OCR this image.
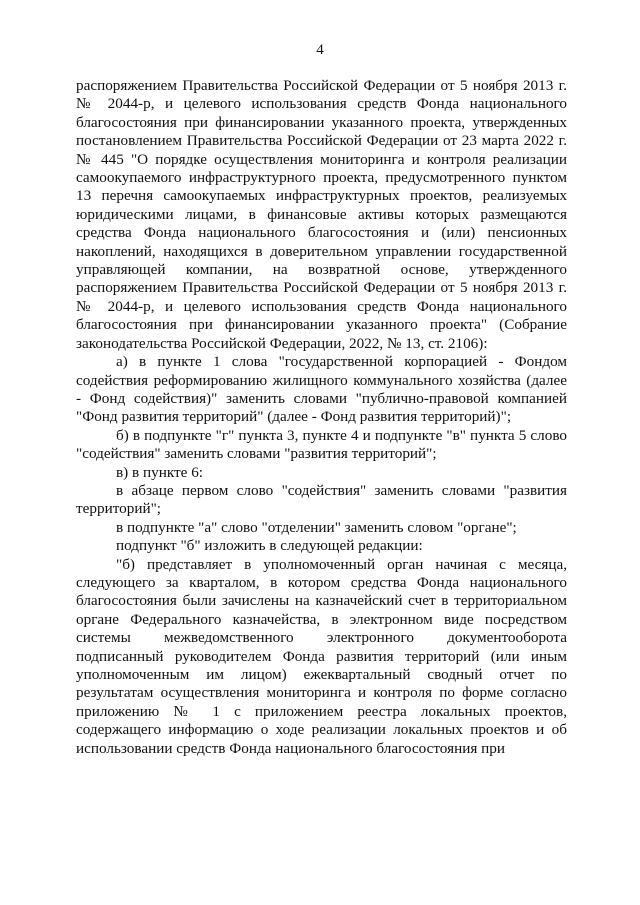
4

распоряжением Правительства Российской Федерации от 5 ноября 2013 г. № 2044-р, и целевого использования средств Фонда национального благосостояния при финансировании указанного проекта, утвержденных постановлением Правительства Российской Федерации от 23 марта 2022 г. № 445 "О порядке осуществления мониторинга и контроля реализации самоокупаемого инфраструктурного проекта, предусмотренного пунктом 13 перечня самоокупаемых инфраструктурных проектов, реализуемых юридическими лицами, в финансовые активы которых размещаются средства Фонда национального благосостояния и (или) пенсионных накоплений, находящихся в доверительном управлении государственной управляющей компании, на возвратной основе, утвержденного распоряжением Правительства Российской Федерации от 5 ноября 2013 г. № 2044-р, и целевого использования средств Фонда национального благосостояния при финансировании указанного проекта" (Собрание законодательства Российской Федерации, 2022, № 13, ст. 2106):

а) в пункте 1 слова "государственной корпорацией - Фондом содействия реформированию жилищного коммунального хозяйства (далее - Фонд содействия)" заменить словами "публично-правовой компанией "Фонд развития территорий" (далее - Фонд развития территорий)";

б) в подпункте "г" пункта 3, пункте 4 и подпункте "в" пункта 5 слово "содействия" заменить словами "развития территорий";

в) в пункте 6:

в абзаце первом слово "содействия" заменить словами "развития территорий";

в подпункте "а" слово "отделении" заменить словом "органе";

подпункт "б" изложить в следующей редакции:

"б) представляет в уполномоченный орган начиная с месяца, следующего за кварталом, в котором средства Фонда национального благосостояния были зачислены на казначейский счет в территориальном органе Федерального казначейства, в электронном виде посредством системы межведомственного электронного документооборота подписанный руководителем Фонда развития территорий (или иным уполномоченным им лицом) ежеквартальный сводный отчет по результатам осуществления мониторинга и контроля по форме согласно приложению № 1 с приложением реестра локальных проектов, содержащего информацию о ходе реализации локальных проектов и об использовании средств Фонда национального благосостояния при
